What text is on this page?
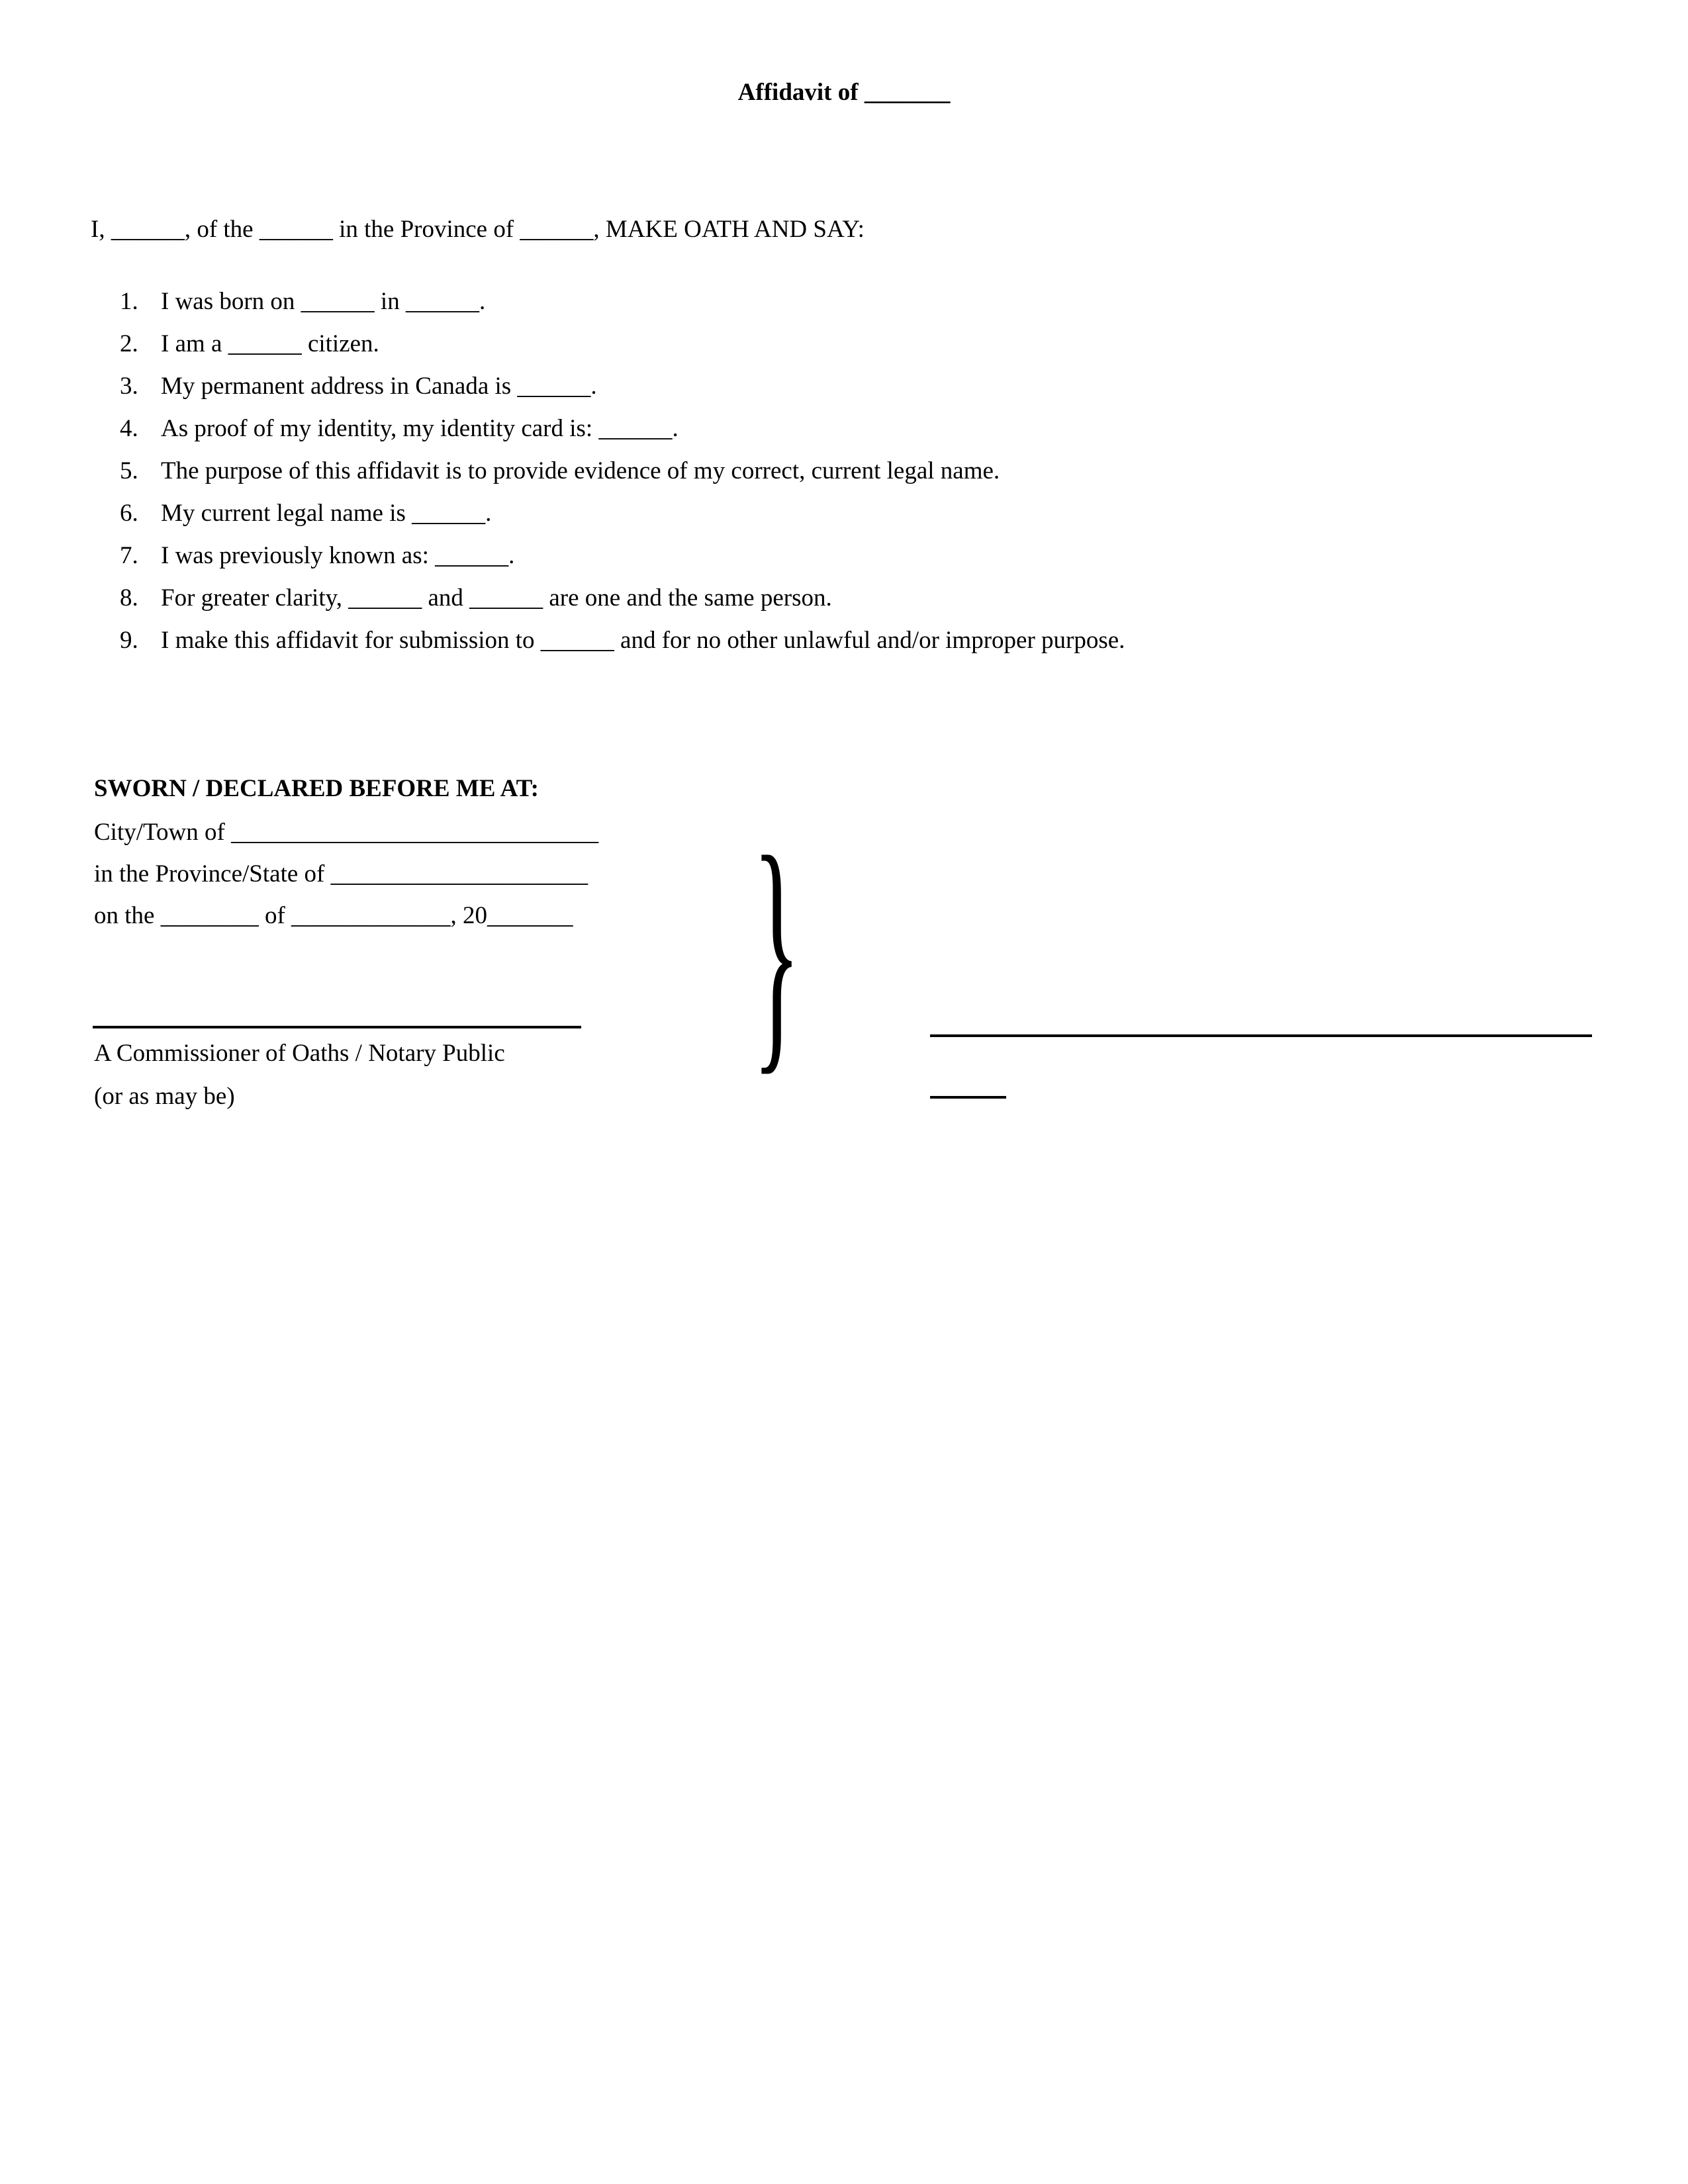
Affidavit of _______
I, ______, of the ______ in the Province of ______, MAKE OATH AND SAY:
1. I was born on ______ in ______.
2. I am a ______ citizen.
3. My permanent address in Canada is ______.
4. As proof of my identity, my identity card is: ______.
5. The purpose of this affidavit is to provide evidence of my correct, current legal name.
6. My current legal name is ______.
7. I was previously known as: ______.
8. For greater clarity, ______ and ______ are one and the same person.
9. I make this affidavit for submission to ______ and for no other unlawful and/or improper purpose.
SWORN / DECLARED BEFORE ME AT:
City/Town of ______________________________
in the Province/State of _____________________
on the ________ of _____________, 20_______ }
A Commissioner of Oaths / Notary Public
(or as may be)
